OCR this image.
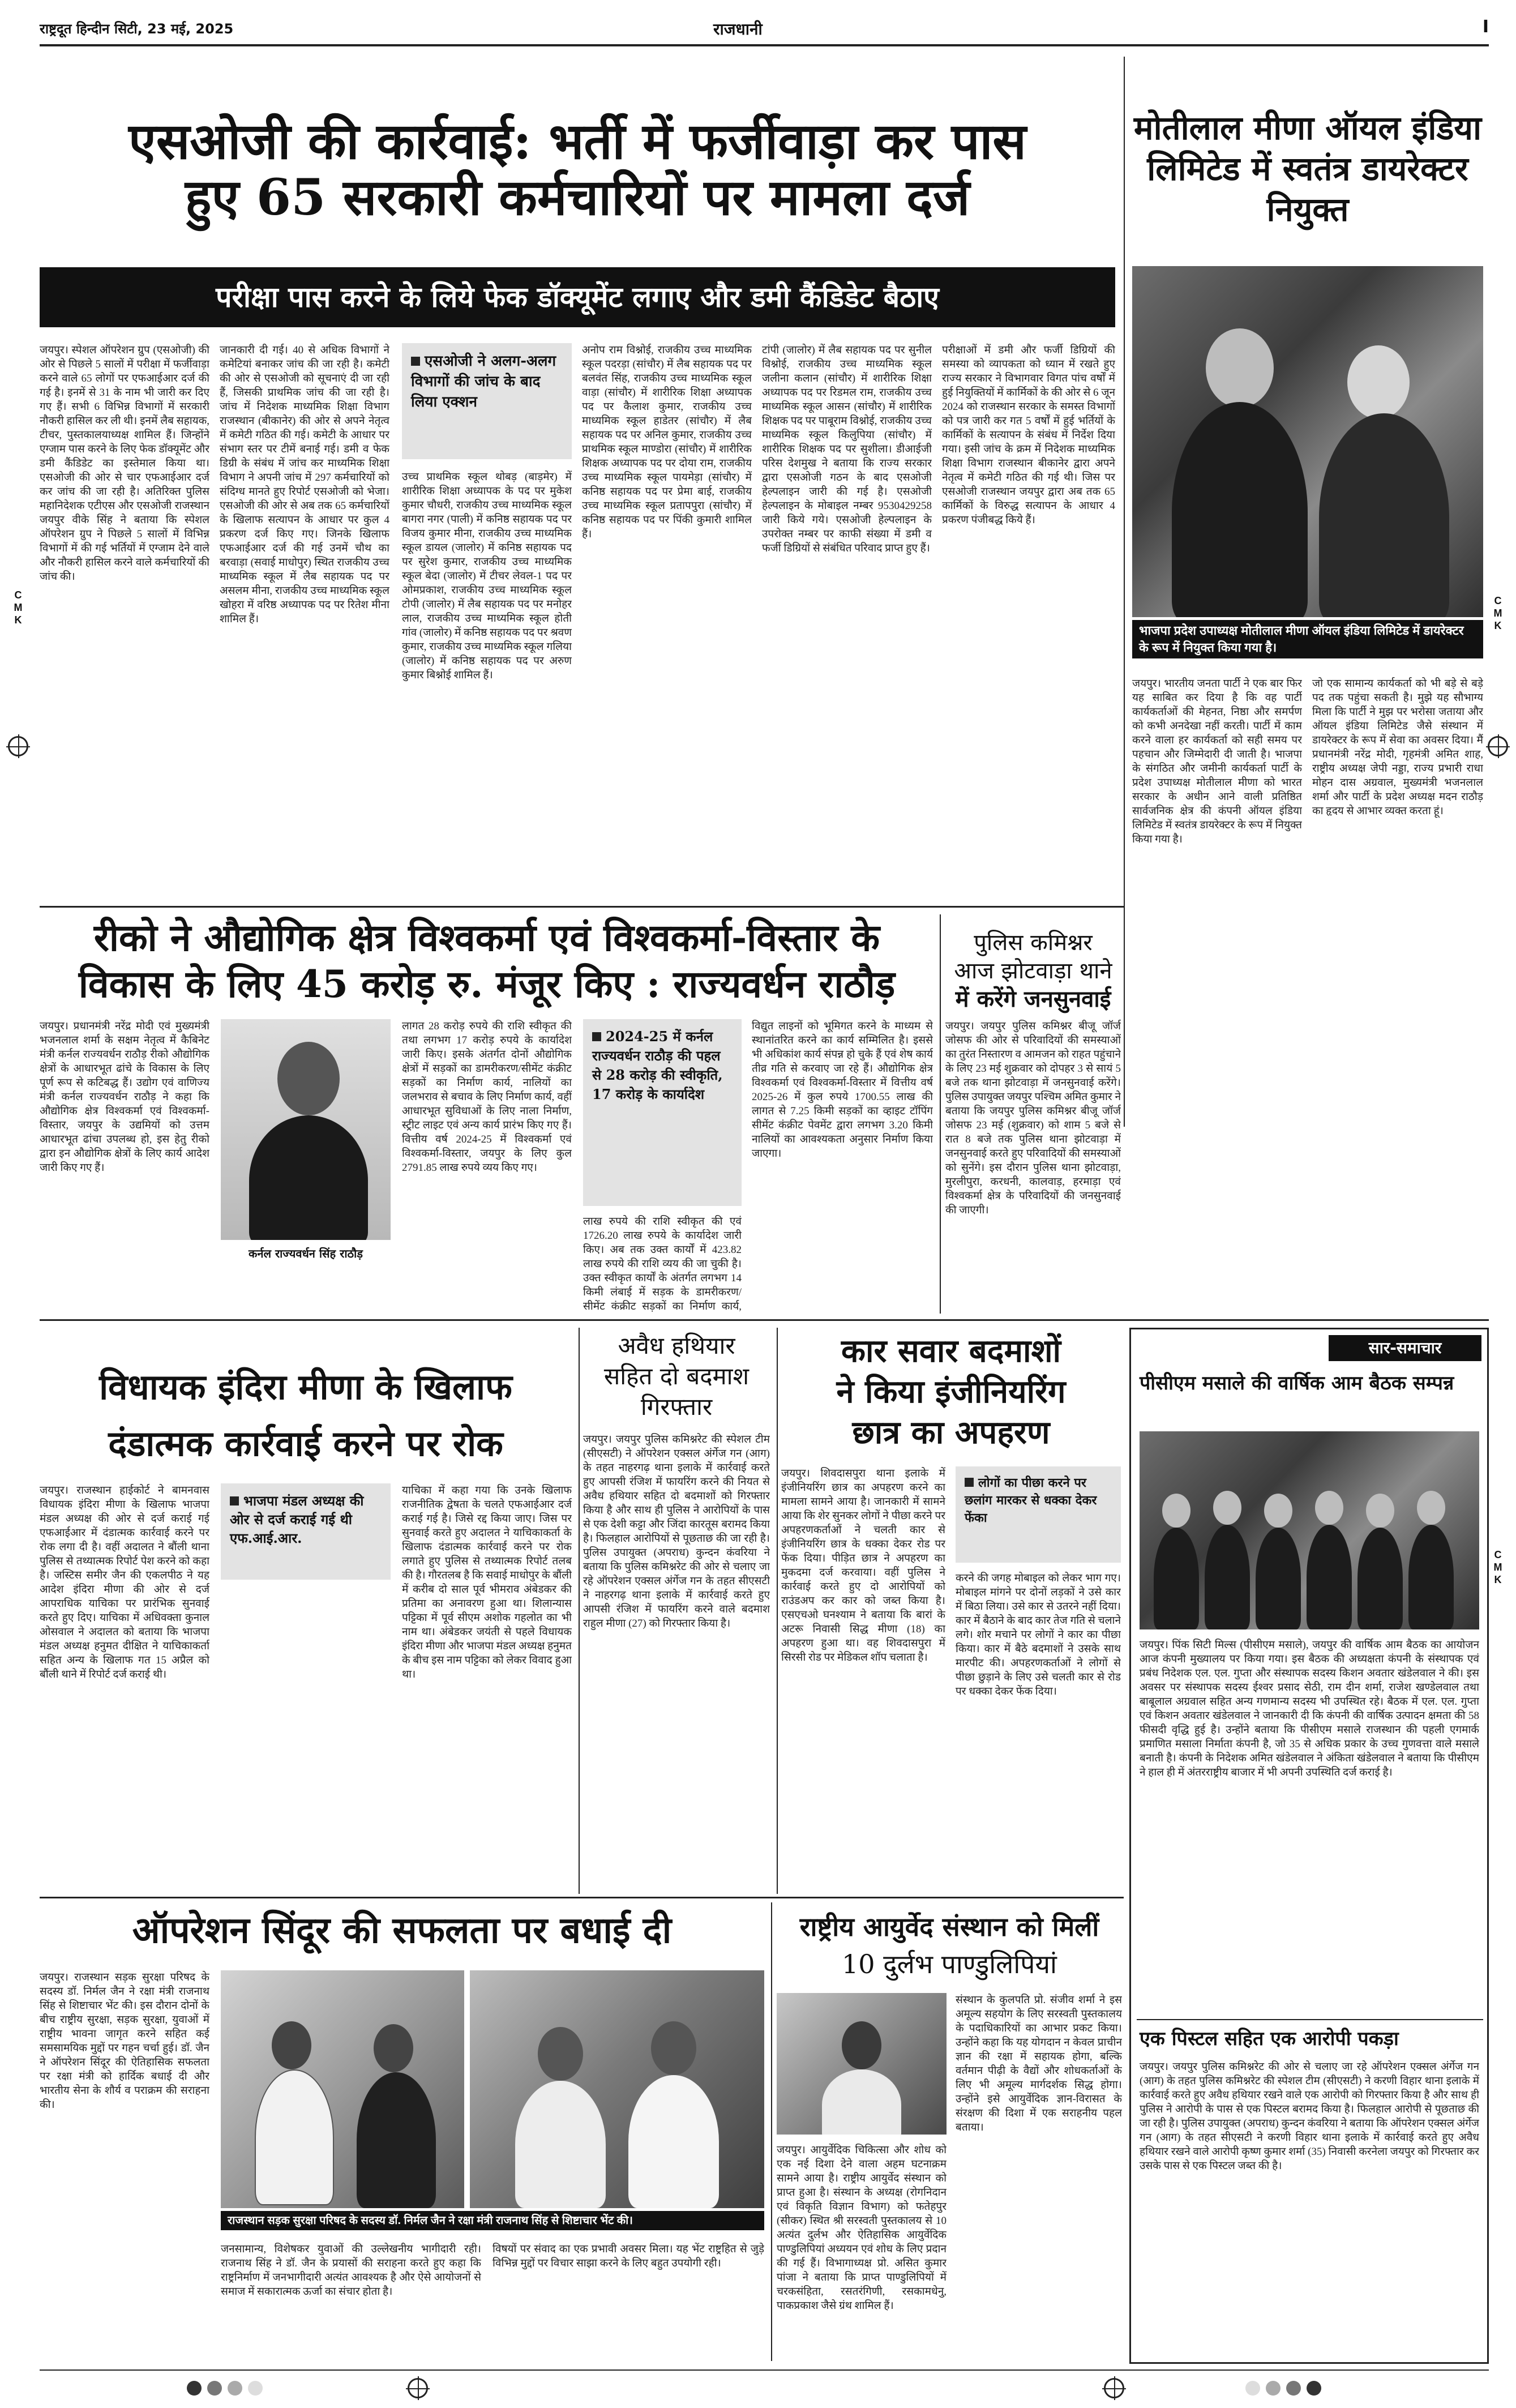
राष्ट्रदूत हिन्दीन सिटी, 23 मई, 2025	राजधानी	I
C
M
K
C
M
K
C
M
K
एसओजी की कार्रवाई: भर्ती में फर्जीवाड़ा कर पास
हुए 65 सरकारी कर्मचारियों पर मामला दर्ज
परीक्षा पास करने के लिये फेक डॉक्यूमेंट लगाए और डमी कैंडिडेट बैठाए
जयपुर। स्पेशल ऑपरेशन ग्रुप (एसओजी) की ओर से पिछले 5 सालों में परीक्षा में फर्जीवाड़ा करने वाले 65 लोगों पर एफआईआर दर्ज की गई है। इनमें से 31 के नाम भी जारी कर दिए गए हैं। सभी 6 विभिन्न विभागों में सरकारी नौकरी हासिल कर ली थी। इनमें लैब सहायक, टीचर, पुस्तकालयाध्यक्ष शामिल हैं। जिन्होंने एग्जाम पास करने के लिए फेक डॉक्यूमेंट और डमी कैंडिडेट का इस्तेमाल किया था। एसओजी की ओर से चार एफआईआर दर्ज कर जांच की जा रही है। अतिरिक्त पुलिस महानिदेशक एटीएस और एसओजी राजस्थान जयपुर वीके सिंह ने बताया कि स्पेशल ऑपरेशन ग्रुप ने पिछले 5 सालों में विभिन्न विभागों में की गई भर्तियों में एग्जाम देने वाले और नौकरी हासिल करने वाले कर्मचारियों की जांच की।
जानकारी दी गई। 40 से अधिक विभागों ने कमेटियां बनाकर जांच की जा रही है। कमेटी की ओर से एसओजी को सूचनाएं दी जा रही हैं, जिसकी प्राथमिक जांच की जा रही है। जांच में निदेशक माध्यमिक शिक्षा विभाग राजस्थान (बीकानेर) की ओर से अपने नेतृत्व में कमेटी गठित की गई। कमेटी के आधार पर संभाग स्तर पर टीमें बनाई गई। डमी व फेक डिग्री के संबंध में जांच कर माध्यमिक शिक्षा विभाग ने अपनी जांच में 297 कर्मचारियों को संदिग्ध मानते हुए रिपोर्ट एसओजी को भेजा। एसओजी की ओर से अब तक 65 कर्मचारियों के खिलाफ सत्यापन के आधार पर कुल 4 प्रकरण दर्ज किए गए। जिनके खिलाफ एफआईआर दर्ज की गई उनमें चौथ का बरवाड़ा (सवाई माधोपुर) स्थित राजकीय उच्च माध्यमिक स्कूल में लैब सहायक पद पर असलम मीना, राजकीय उच्च माध्यमिक स्कूल खोहरा में वरिष्ठ अध्यापक पद पर रितेश मीना शामिल हैं।
एसओजी ने अलग-अलग विभागों की जांच के बाद लिया एक्शन
उच्च प्राथमिक स्कूल थोबड़ (बाड़मेर) में शारीरिक शिक्षा अध्यापक के पद पर मुकेश कुमार चौधरी, राजकीय उच्च माध्यमिक स्कूल बागरा नगर (पाली) में कनिष्ठ सहायक पद पर विजय कुमार मीना, राजकीय उच्च माध्यमिक स्कूल डायल (जालोर) में कनिष्ठ सहायक पद पर सुरेश कुमार, राजकीय उच्च माध्यमिक स्कूल बेदा (जालोर) में टीचर लेवल-1 पद पर ओमप्रकाश, राजकीय उच्च माध्यमिक स्कूल टोपी (जालोर) में लैब सहायक पद पर मनोहर लाल, राजकीय उच्च माध्यमिक स्कूल होती गांव (जालोर) में कनिष्ठ सहायक पद पर श्रवण कुमार, राजकीय उच्च माध्यमिक स्कूल गलिया (जालोर) में कनिष्ठ सहायक पद पर अरुण कुमार बिश्नोई शामिल हैं।
अनोप राम विश्नोई, राजकीय उच्च माध्यमिक स्कूल पदरड़ा (सांचौर) में लैब सहायक पद पर बलवंत सिंह, राजकीय उच्च माध्यमिक स्कूल वाड़ा (सांचौर) में शारीरिक शिक्षा अध्यापक पद पर कैलाश कुमार, राजकीय उच्च माध्यमिक स्कूल हाडेतर (सांचौर) में लैब सहायक पद पर अनिल कुमार, राजकीय उच्च प्राथमिक स्कूल माण्डोरा (सांचौर) में शारीरिक शिक्षक अध्यापक पद पर दोया राम, राजकीय उच्च माध्यमिक स्कूल पायमेड़ा (सांचौर) में कनिष्ठ सहायक पद पर प्रेमा बाई, राजकीय उच्च माध्यमिक स्कूल प्रतापपुरा (सांचौर) में कनिष्ठ सहायक पद पर पिंकी कुमारी शामिल हैं।
टांपी (जालोर) में लैब सहायक पद पर सुनील विश्नोई, राजकीय उच्च माध्यमिक स्कूल जलीना कलान (सांचौर) में शारीरिक शिक्षा अध्यापक पद पर रिडमल राम, राजकीय उच्च माध्यमिक स्कूल आसन (सांचौर) में शारीरिक शिक्षक पद पर पाबूराम विश्नोई, राजकीय उच्च माध्यमिक स्कूल किलुपिया (सांचौर) में शारीरिक शिक्षक पद पर सुशीला। डीआईजी परिस देशमुख ने बताया कि राज्य सरकार द्वारा एसओजी गठन के बाद एसओजी हेल्पलाइन जारी की गई है। एसओजी हेल्पलाइन के मोबाइल नम्बर 9530429258 जारी किये गये। एसओजी हेल्पलाइन के उपरोक्त नम्बर पर काफी संख्या में डमी व फर्जी डिग्रियों से संबंधित परिवाद प्राप्त हुए हैं।
परीक्षाओं में डमी और फर्जी डिग्रियों की समस्या को व्यापकता को ध्यान में रखते हुए राज्य सरकार ने विभागवार विगत पांच वर्षों में हुई नियुक्तियों में कार्मिकों के की ओर से 6 जून 2024 को राजस्थान सरकार के समस्त विभागों को पत्र जारी कर गत 5 वर्षों में हुई भर्तियों के कार्मिकों के सत्यापन के संबंध में निर्देश दिया गया। इसी जांच के क्रम में निदेशक माध्यमिक शिक्षा विभाग राजस्थान बीकानेर द्वारा अपने नेतृत्व में कमेटी गठित की गई थी। जिस पर एसओजी राजस्थान जयपुर द्वारा अब तक 65 कार्मिकों के विरुद्ध सत्यापन के आधार 4 प्रकरण पंजीबद्ध किये हैं।
मोतीलाल मीणा ऑयल इंडिया लिमिटेड में स्वतंत्र डायरेक्टर नियुक्त
भाजपा प्रदेश उपाध्यक्ष मोतीलाल मीणा ऑयल इंडिया लिमिटेड में डायरेक्टर के रूप में नियुक्त किया गया है।
जयपुर। भारतीय जनता पार्टी ने एक बार फिर यह साबित कर दिया है कि वह पार्टी कार्यकर्ताओं की मेहनत, निष्ठा और समर्पण को कभी अनदेखा नहीं करती। पार्टी में काम करने वाला हर कार्यकर्ता को सही समय पर पहचान और जिम्मेदारी दी जाती है। भाजपा के संगठित और जमीनी कार्यकर्ता पार्टी के प्रदेश उपाध्यक्ष मोतीलाल मीणा को भारत सरकार के अधीन आने वाली प्रतिष्ठित सार्वजनिक क्षेत्र की कंपनी ऑयल इंडिया लिमिटेड में स्वतंत्र डायरेक्टर के रूप में नियुक्त किया गया है।
जो एक सामान्य कार्यकर्ता को भी बड़े से बड़े पद तक पहुंचा सकती है। मुझे यह सौभाग्य मिला कि पार्टी ने मुझ पर भरोसा जताया और ऑयल इंडिया लिमिटेड जैसे संस्थान में डायरेक्टर के रूप में सेवा का अवसर दिया। मैं प्रधानमंत्री नरेंद्र मोदी, गृहमंत्री अमित शाह, राष्ट्रीय अध्यक्ष जेपी नड्डा, राज्य प्रभारी राधा मोहन दास अग्रवाल, मुख्यमंत्री भजनलाल शर्मा और पार्टी के प्रदेश अध्यक्ष मदन राठौड़ का हृदय से आभार व्यक्त करता हूं।
रीको ने औद्योगिक क्षेत्र विश्वकर्मा एवं विश्वकर्मा-विस्तार के
विकास के लिए 45 करोड़ रु. मंजूर किए : राज्यवर्धन राठौड़
जयपुर। प्रधानमंत्री नरेंद्र मोदी एवं मुख्यमंत्री भजनलाल शर्मा के सक्षम नेतृत्व में कैबिनेट मंत्री कर्नल राज्यवर्धन राठौड़ रीको औद्योगिक क्षेत्रों के आधारभूत ढांचे के विकास के लिए पूर्ण रूप से कटिबद्ध हैं। उद्योग एवं वाणिज्य मंत्री कर्नल राज्यवर्धन राठौड़ ने कहा कि औद्योगिक क्षेत्र विश्वकर्मा एवं विश्वकर्मा-विस्तार, जयपुर के उद्यमियों को उत्तम आधारभूत ढांचा उपलब्ध हो, इस हेतु रीको द्वारा इन औद्योगिक क्षेत्रों के लिए कार्य आदेश जारी किए गए हैं।
कर्नल राज्यवर्धन सिंह राठौड़
लागत 28 करोड़ रुपये की राशि स्वीकृत की तथा लगभग 17 करोड़ रुपये के कार्यादेश जारी किए। इसके अंतर्गत दोनों औद्योगिक क्षेत्रों में सड़कों का डामरीकरण/सीमेंट कंक्रीट सड़कों का निर्माण कार्य, नालियों का जलभराव से बचाव के लिए निर्माण कार्य, वहीं आधारभूत सुविधाओं के लिए नाला निर्माण, स्ट्रीट लाइट एवं अन्य कार्य प्रारंभ किए गए हैं। वित्तीय वर्ष 2024-25 में विश्वकर्मा एवं विश्वकर्मा-विस्तार, जयपुर के लिए कुल 2791.85 लाख रुपये व्यय किए गए।
2024-25 में कर्नल राज्यवर्धन राठौड़ की पहल से 28 करोड़ की स्वीकृति, 17 करोड़ के कार्यादेश
लाख रुपये की राशि स्वीकृत की एवं 1726.20 लाख रुपये के कार्यादेश जारी किए। अब तक उक्त कार्यों में 423.82 लाख रुपये की राशि व्यय की जा चुकी है। उक्त स्वीकृत कार्यों के अंतर्गत लगभग 14 किमी लंबाई में सड़क के डामरीकरण/सीमेंट कंक्रीट सड़कों का निर्माण कार्य,
विद्युत लाइनों को भूमिगत करने के माध्यम से स्थानांतरित करने का कार्य सम्मिलित है। इससे भी अधिकांश कार्य संपन्न हो चुके हैं एवं शेष कार्य तीव्र गति से करवाए जा रहे हैं। औद्योगिक क्षेत्र विश्वकर्मा एवं विश्वकर्मा-विस्तार में वित्तीय वर्ष 2025-26 में कुल रुपये 1700.55 लाख की लागत से 7.25 किमी सड़कों का व्हाइट टॉपिंग सीमेंट कंक्रीट पेवमेंट द्वारा लगभग 3.20 किमी नालियों का आवश्यकता अनुसार निर्माण किया जाएगा।
पुलिस कमिश्नर
आज झोटवाड़ा थाने
में करेंगे जनसुनवाई
जयपुर। जयपुर पुलिस कमिश्नर बीजू जॉर्ज जोसफ की ओर से परिवादियों की समस्याओं का तुरंत निस्तारण व आमजन को राहत पहुंचाने के लिए 23 मई शुक्रवार को दोपहर 3 से सायं 5 बजे तक थाना झोटवाड़ा में जनसुनवाई करेंगे। पुलिस उपायुक्त जयपुर पश्चिम अमित कुमार ने बताया कि जयपुर पुलिस कमिश्नर बीजू जॉर्ज जोसफ 23 मई (शुक्रवार) को शाम 5 बजे से रात 8 बजे तक पुलिस थाना झोटवाड़ा में जनसुनवाई करते हुए परिवादियों की समस्याओं को सुनेंगे। इस दौरान पुलिस थाना झोटवाड़ा, मुरलीपुरा, करधनी, कालवाड़, हरमाड़ा एवं विश्वकर्मा क्षेत्र के परिवादियों की जनसुनवाई की जाएगी।
विधायक इंदिरा मीणा के खिलाफ
दंडात्मक कार्रवाई करने पर रोक
जयपुर। राजस्थान हाईकोर्ट ने बामनवास विधायक इंदिरा मीणा के खिलाफ भाजपा मंडल अध्यक्ष की ओर से दर्ज कराई गई एफआईआर में दंडात्मक कार्रवाई करने पर रोक लगा दी है। वहीं अदालत ने बौंली थाना पुलिस से तथ्यात्मक रिपोर्ट पेश करने को कहा है। जस्टिस समीर जैन की एकलपीठ ने यह आदेश इंदिरा मीणा की ओर से दर्ज आपराधिक याचिका पर प्रारंभिक सुनवाई करते हुए दिए। याचिका में अधिवक्ता कुनाल ओसवाल ने अदालत को बताया कि भाजपा मंडल अध्यक्ष हनुमत दीक्षित ने याचिकाकर्ता सहित अन्य के खिलाफ गत 15 अप्रैल को बौंली थाने में रिपोर्ट दर्ज कराई थी।
भाजपा मंडल अध्यक्ष की ओर से दर्ज कराई गई थी एफ.आई.आर.
याचिका में कहा गया कि उनके खिलाफ राजनीतिक द्वेषता के चलते एफआईआर दर्ज कराई गई है। जिसे रद्द किया जाए। जिस पर सुनवाई करते हुए अदालत ने याचिकाकर्ता के खिलाफ दंडात्मक कार्रवाई करने पर रोक लगाते हुए पुलिस से तथ्यात्मक रिपोर्ट तलब की है। गौरतलब है कि सवाई माधोपुर के बौंली में करीब दो साल पूर्व भीमराव अंबेडकर की प्रतिमा का अनावरण हुआ था। शिलान्यास पट्टिका में पूर्व सीएम अशोक गहलोत का भी नाम था। अंबेडकर जयंती से पहले विधायक इंदिरा मीणा और भाजपा मंडल अध्यक्ष हनुमत के बीच इस नाम पट्टिका को लेकर विवाद हुआ था।
अवैध हथियार
सहित दो बदमाश
गिरफ्तार
जयपुर। जयपुर पुलिस कमिश्नरेट की स्पेशल टीम (सीएसटी) ने ऑपरेशन एक्सल अंर्गेज गन (आग) के तहत नाहरगढ़ थाना इलाके में कार्रवाई करते हुए आपसी रंजिश में फायरिंग करने की नियत से अवैध हथियार सहित दो बदमाशों को गिरफ्तार किया है और साथ ही पुलिस ने आरोपियों के पास से एक देशी कट्टा और जिंदा कारतूस बरामद किया है। फिलहाल आरोपियों से पूछताछ की जा रही है। पुलिस उपायुक्त (अपराध) कुन्दन कंवरिया ने बताया कि पुलिस कमिश्नरेट की ओर से चलाए जा रहे ऑपरेशन एक्सल अंर्गेज गन के तहत सीएसटी ने नाहरगढ़ थाना इलाके में कार्रवाई करते हुए आपसी रंजिश में फायरिंग करने वाले बदमाश राहुल मीणा (27) को गिरफ्तार किया है।
कार सवार बदमाशों
ने किया इंजीनियरिंग
छात्र का अपहरण
जयपुर। शिवदासपुरा थाना इलाके में इंजीनियरिंग छात्र का अपहरण करने का मामला सामने आया है। जानकारी में सामने आया कि शेर सुनकर लोगों ने पीछा करने पर अपहरणकर्ताओं ने चलती कार से इंजीनियरिंग छात्र के धक्का देकर रोड पर फेंक दिया। पीड़ित छात्र ने अपहरण का मुकदमा दर्ज करवाया। वहीं पुलिस ने कार्रवाई करते हुए दो आरोपियों को राउंडअप कर कार को जब्त किया है। एसएचओ घनश्याम ने बताया कि बारां के अटरू निवासी सिद्ध मीणा (18) का अपहरण हुआ था। वह शिवदासपुरा में सिरसी रोड पर मेडिकल शॉप चलाता है।
लोगों का पीछा करने पर छलांग मारकर से धक्का देकर फेंका
करने की जगह मोबाइल को लेकर भाग गए। मोबाइल मांगने पर दोनों लड़कों ने उसे कार में बिठा लिया। उसे कार से उतरने नहीं दिया। कार में बैठाने के बाद कार तेज गति से चलाने लगे। शोर मचाने पर लोगों ने कार का पीछा किया। कार में बैठे बदमाशों ने उसके साथ मारपीट की। अपहरणकर्ताओं ने लोगों से पीछा छुड़ाने के लिए उसे चलती कार से रोड पर धक्का देकर फेंक दिया।
सार-समाचार
पीसीएम मसाले की वार्षिक आम बैठक सम्पन्न
जयपुर। पिंक सिटी मिल्स (पीसीएम मसाले), जयपुर की वार्षिक आम बैठक का आयोजन आज कंपनी मुख्यालय पर किया गया। इस बैठक की अध्यक्षता कंपनी के संस्थापक एवं प्रबंध निदेशक एल. एल. गुप्ता और संस्थापक सदस्य किशन अवतार खंडेलवाल ने की। इस अवसर पर संस्थापक सदस्य ईश्वर प्रसाद सेठी, राम दीन शर्मा, राजेश खण्डेलवाल तथा बाबूलाल अग्रवाल सहित अन्य गणमान्य सदस्य भी उपस्थित रहे। बैठक में एल. एल. गुप्ता एवं किशन अवतार खंडेलवाल ने जानकारी दी कि कंपनी की वार्षिक उत्पादन क्षमता की 58 फीसदी वृद्धि हुई है। उन्होंने बताया कि पीसीएम मसाले राजस्थान की पहली एगमार्क प्रमाणित मसाला निर्माता कंपनी है, जो 35 से अधिक प्रकार के उच्च गुणवत्ता वाले मसाले बनाती है। कंपनी के निदेशक अमित खंडेलवाल ने अंकिता खंडेलवाल ने बताया कि पीसीएम ने हाल ही में अंतरराष्ट्रीय बाजार में भी अपनी उपस्थिति दर्ज कराई है।
एक पिस्टल सहित एक आरोपी पकड़ा
जयपुर। जयपुर पुलिस कमिश्नरेट की ओर से चलाए जा रहे ऑपरेशन एक्सल अंर्गेज गन (आग) के तहत पुलिस कमिश्नरेट की स्पेशल टीम (सीएसटी) ने करणी विहार थाना इलाके में कार्रवाई करते हुए अवैध हथियार रखने वाले एक आरोपी को गिरफ्तार किया है और साथ ही पुलिस ने आरोपी के पास से एक पिस्टल बरामद किया है। फिलहाल आरोपी से पूछताछ की जा रही है। पुलिस उपायुक्त (अपराध) कुन्दन कंवरिया ने बताया कि ऑपरेशन एक्सल अंर्गेज गन (आग) के तहत सीएसटी ने करणी विहार थाना इलाके में कार्रवाई करते हुए अवैध हथियार रखने वाले आरोपी कृष्ण कुमार शर्मा (35) निवासी करनेला जयपुर को गिरफ्तार कर उसके पास से एक पिस्टल जब्त की है।
ऑपरेशन सिंदूर की सफलता पर बधाई दी
जयपुर। राजस्थान सड़क सुरक्षा परिषद के सदस्य डॉ. निर्मल जैन ने रक्षा मंत्री राजनाथ सिंह से शिष्टाचार भेंट की। इस दौरान दोनों के बीच राष्ट्रीय सुरक्षा, सड़क सुरक्षा, युवाओं में राष्ट्रीय भावना जागृत करने सहित कई समसामयिक मुद्दों पर गहन चर्चा हुई। डॉ. जैन ने ऑपरेशन सिंदूर की ऐतिहासिक सफलता पर रक्षा मंत्री को हार्दिक बधाई दी और भारतीय सेना के शौर्य व पराक्रम की सराहना की।
राजस्थान सड़क सुरक्षा परिषद के सदस्य डॉ. निर्मल जैन ने रक्षा मंत्री राजनाथ सिंह से शिष्टाचार भेंट की।
जनसामान्य, विशेषकर युवाओं की उल्लेखनीय भागीदारी रही। राजनाथ सिंह ने डॉ. जैन के प्रयासों की सराहना करते हुए कहा कि राष्ट्रनिर्माण में जनभागीदारी अत्यंत आवश्यक है और ऐसे आयोजनों से समाज में सकारात्मक ऊर्जा का संचार होता है।
विषयों पर संवाद का एक प्रभावी अवसर मिला। यह भेंट राष्ट्रहित से जुड़े विभिन्न मुद्दों पर विचार साझा करने के लिए बहुत उपयोगी रही।
राष्ट्रीय आयुर्वेद संस्थान को मिलीं
10 दुर्लभ पाण्डुलिपियां
जयपुर। आयुर्वेदिक चिकित्सा और शोध को एक नई दिशा देने वाला अहम घटनाक्रम सामने आया है। राष्ट्रीय आयुर्वेद संस्थान को प्राप्त हुआ है। संस्थान के अध्यक्ष (रोगनिदान एवं विकृति विज्ञान विभाग) को फतेहपुर (सीकर) स्थित श्री सरस्वती पुस्तकालय से 10 अत्यंत दुर्लभ और ऐतिहासिक आयुर्वेदिक पाण्डुलिपियां अध्ययन एवं शोध के लिए प्रदान की गई हैं। विभागाध्यक्ष प्रो. असित कुमार पांजा ने बताया कि प्राप्त पाण्डुलिपियों में चरकसंहिता, रसतरंगिणी, रसकामधेनु, पाकप्रकाश जैसे ग्रंथ शामिल हैं।
संस्थान के कुलपति प्रो. संजीव शर्मा ने इस अमूल्य सहयोग के लिए सरस्वती पुस्तकालय के पदाधिकारियों का आभार प्रकट किया। उन्होंने कहा कि यह योगदान न केवल प्राचीन ज्ञान की रक्षा में सहायक होगा, बल्कि वर्तमान पीढ़ी के वैद्यों और शोधकर्ताओं के लिए भी अमूल्य मार्गदर्शक सिद्ध होगा। उन्होंने इसे आयुर्वेदिक ज्ञान-विरासत के संरक्षण की दिशा में एक सराहनीय पहल बताया।
